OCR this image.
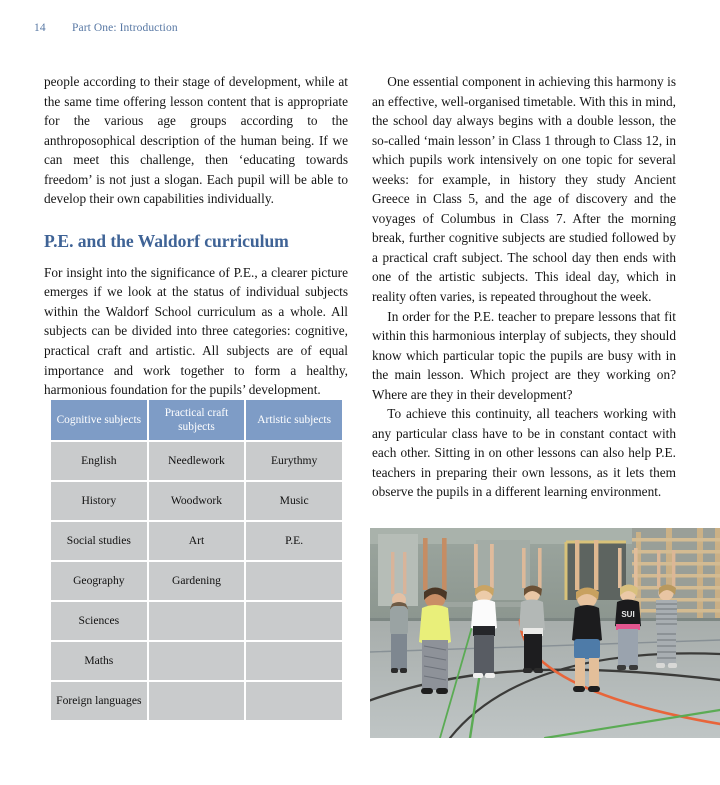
14 Part One: Introduction

people according to their stage of development, while at the same time offering lesson content that is appropriate for the various age groups according to the anthroposophical description of the human being. If we can meet this challenge, then ‘educating towards freedom’ is not just a slogan. Each pupil will be able to develop their own capabilities individually.

P.E. and the Waldorf curriculum

For insight into the significance of P.E., a clearer picture emerges if we look at the status of individual subjects within the Waldorf School curriculum as a whole. All subjects can be divided into three categories: cognitive, practical craft and artistic. All subjects are of equal importance and work together to form a healthy, harmonious foundation for the pupils’ development.

One essential component in achieving this harmony is an effective, well-organised timetable. With this in mind, the school day always begins with a double lesson, the so-called ‘main lesson’ in Class 1 through to Class 12, in which pupils work intensively on one topic for several weeks: for example, in history they study Ancient Greece in Class 5, and the age of discovery and the voyages of Columbus in Class 7. After the morning break, further cognitive subjects are studied followed by a practical craft subject. The school day then ends with one of the artistic subjects. This ideal day, which in reality often varies, is repeated throughout the week.

In order for the P.E. teacher to prepare lessons that fit within this harmonious interplay of subjects, they should know which particular topic the pupils are busy with in the main lesson. Which project are they working on? Where are they in their development?

To achieve this continuity, all teachers working with any particular class have to be in constant contact with each other. Sitting in on other lessons can also help P.E. teachers in preparing their own lessons, as it lets them observe the pupils in a different learning environment.

Cognitive subjects	Practical craft subjects	Artistic subjects
English	Needlework	Eurythmy
History	Woodwork	Music
Social studies	Art	P.E.
Geography	Gardening	
Sciences		
Maths		
Foreign languages		
SUI
